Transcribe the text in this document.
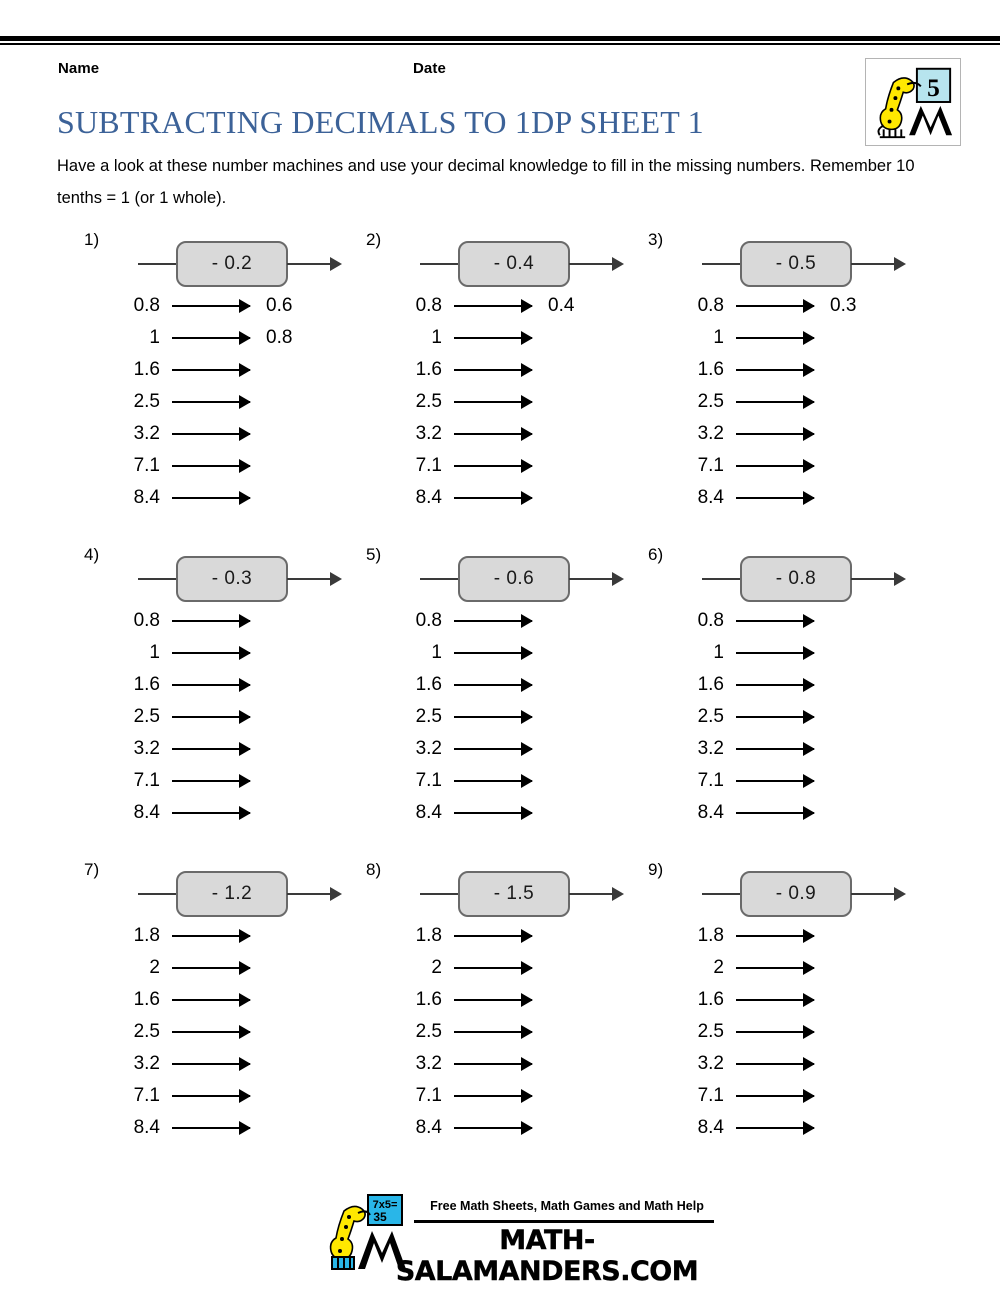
Name	Date
5
SUBTRACTING DECIMALS TO 1DP SHEET 1
Have a look at these number machines and use your decimal knowledge to fill in the missing numbers. Remember 10 tenths = 1 (or 1 whole).
1)
- 0.2
0.8	0.6
1	0.8
1.6
2.5
3.2
7.1
8.4
2)
- 0.4
0.8	0.4
1
1.6
2.5
3.2
7.1
8.4
3)
- 0.5
0.8	0.3
1
1.6
2.5
3.2
7.1
8.4
4)
- 0.3
0.8
1
1.6
2.5
3.2
7.1
8.4
5)
- 0.6
0.8
1
1.6
2.5
3.2
7.1
8.4
6)
- 0.8
0.8
1
1.6
2.5
3.2
7.1
8.4
7)
- 1.2
1.8
2
1.6
2.5
3.2
7.1
8.4
8)
- 1.5
1.8
2
1.6
2.5
3.2
7.1
8.4
9)
- 0.9
1.8
2
1.6
2.5
3.2
7.1
8.4
7x5=
35
Free Math Sheets, Math Games and Math Help
MATH-SALAMANDERS.COM
